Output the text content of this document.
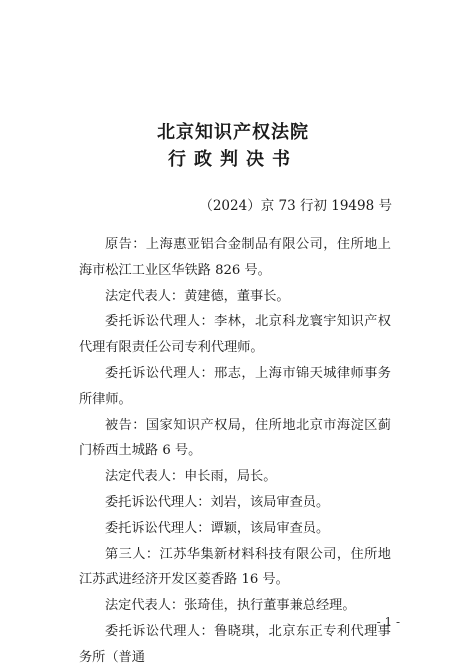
北京知识产权法院
行政判决书
（2024）京 73 行初 19498 号

原告：上海惠亚铝合金制品有限公司，住所地上海市松江工业区华铁路 826 号。

法定代表人：黄建德，董事长。

委托诉讼代理人：李林，北京科龙寰宇知识产权代理有限责任公司专利代理师。

委托诉讼代理人：邢志，上海市锦天城律师事务所律师。

被告：国家知识产权局，住所地北京市海淀区蓟门桥西土城路 6 号。

法定代表人：申长雨，局长。

委托诉讼代理人：刘岩，该局审查员。

委托诉讼代理人：谭颖，该局审查员。

第三人：江苏华集新材料科技有限公司，住所地江苏武进经济开发区菱香路 16 号。

法定代表人：张琦佳，执行董事兼总经理。

委托诉讼代理人：鲁晓琪，北京东正专利代理事务所（普通

- 1 -
